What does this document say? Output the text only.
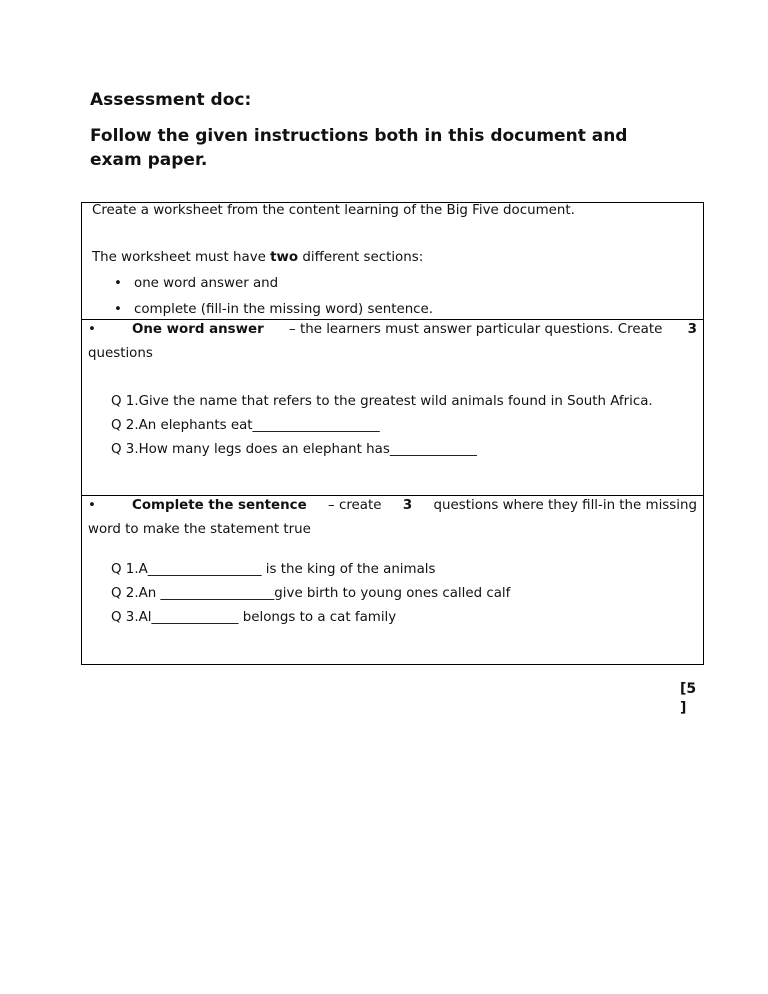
Assessment doc:

Follow the given instructions both in this document and exam paper.

Create a worksheet from the content learning of the Big Five document.
The worksheet must have two different sections:
• one word answer and
• complete (fill-in the missing word) sentence.
•	One word answer – the learners must answer particular questions. Create 3
questions
Q 1.Give the name that refers to the greatest wild animals found in South Africa.
Q 2.An elephants eat___________________
Q 3.How many legs does an elephant has_____________
•	Complete the sentence – create 3 questions where they fill-in the missing
word to make the statement true
Q 1.A_________________ is the king of the animals
Q 2.An _________________give birth to young ones called calf
Q 3.Al_____________ belongs to a cat family
[5
]
